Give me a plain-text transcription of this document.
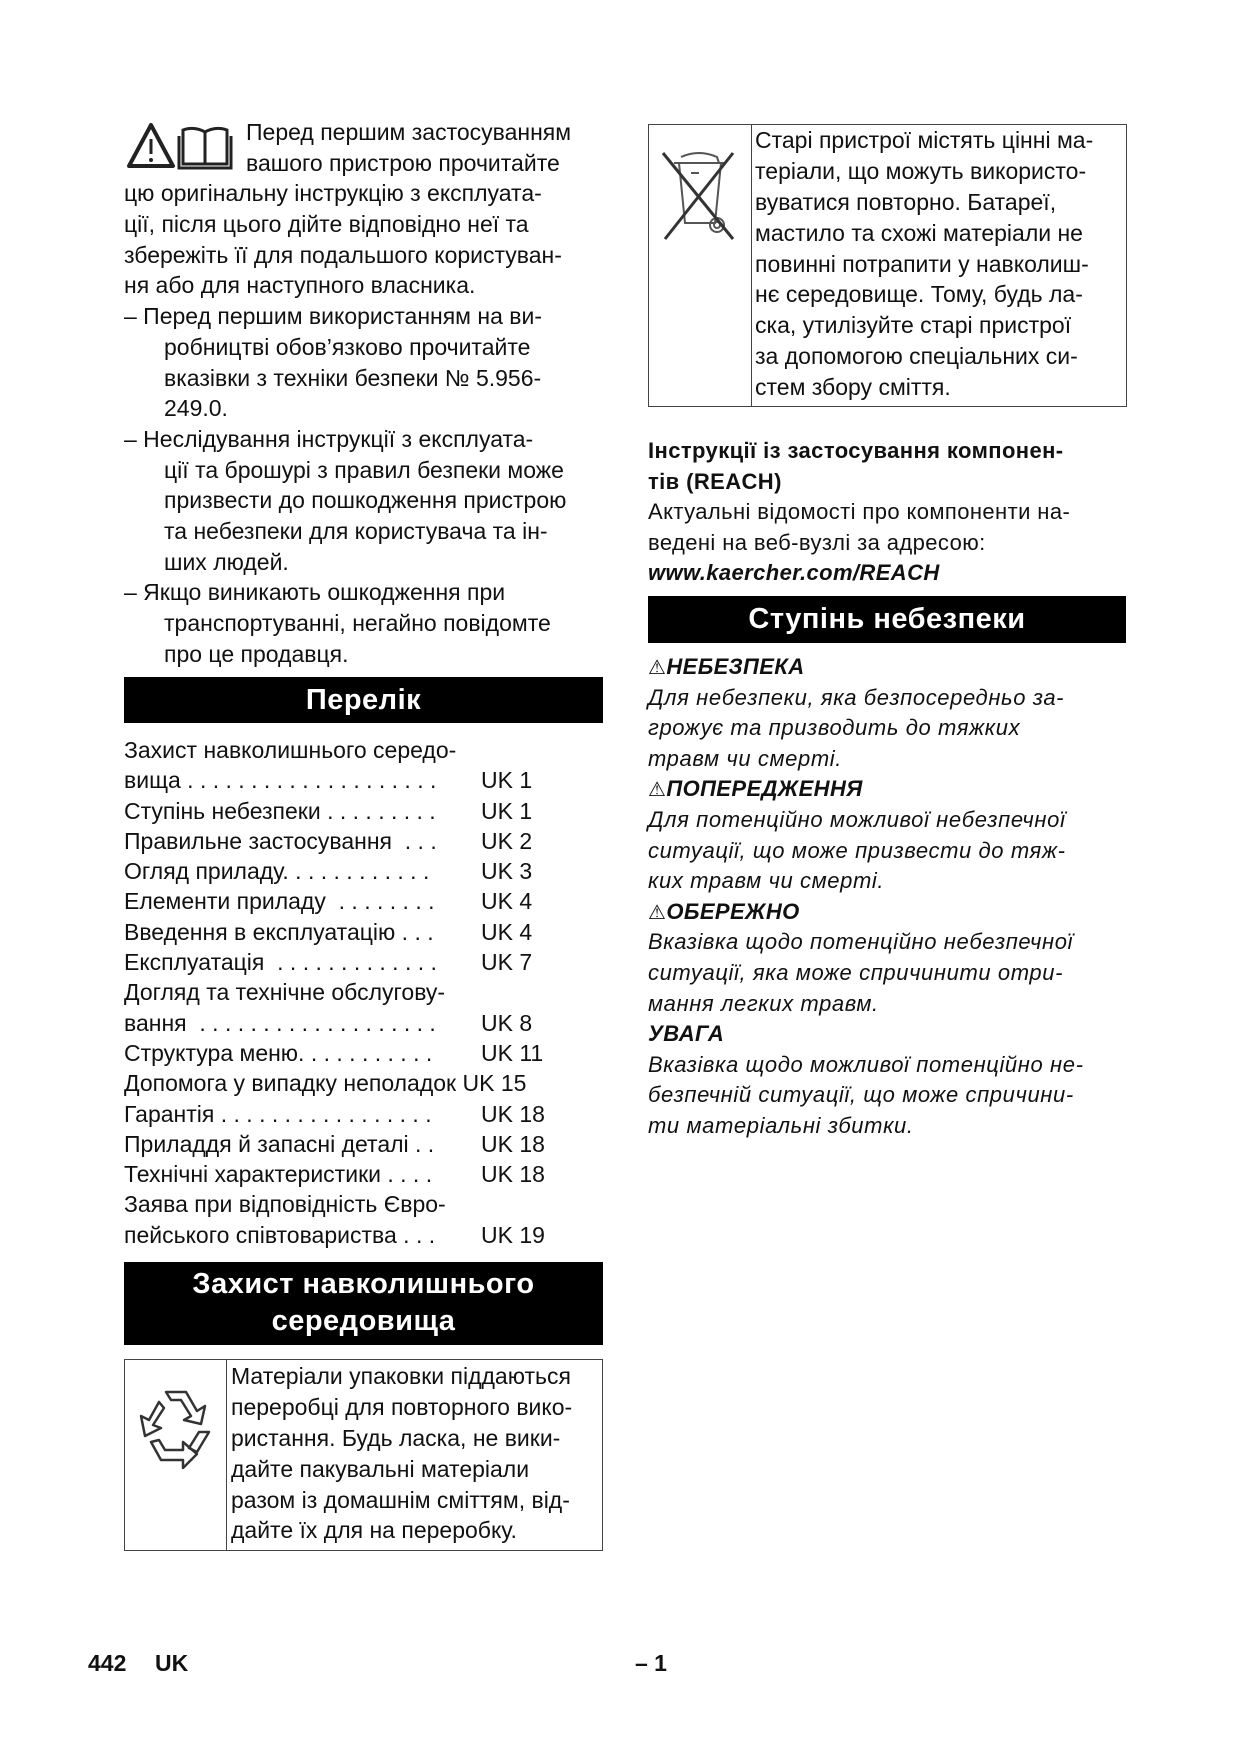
Перед першим застосуванням
вашого пристрою прочитайте
цю оригінальну інструкцію з експлуата-
ції, після цього дійте відповідно неї та
збережіть її для подальшого користуван-
ня або для наступного власника.
– Перед першим використанням на ви-
робництві обов’язково прочитайте
вказівки з техніки безпеки № 5.956-
249.0.
– Неслідування інструкції з експлуата-
ції та брошурі з правил безпеки може
призвести до пошкодження пристрою
та небезпеки для користувача та ін-
ших людей.
– Якщо виникають ошкодження при
транспортуванні, негайно повідомте
про це продавця.
Перелік
Захист навколишнього середо-
вища . . . . . . . . . . . . . . . . . . . . UK 1
Ступінь небезпеки . . . . . . . . . UK 1
Правильне застосування  . . . UK 2
Огляд приладу. . . . . . . . . . . . UK 3
Елементи приладу  . . . . . . . . UK 4
Введення в експлуатацію . . . UK 4
Експлуатація  . . . . . . . . . . . . . UK 7
Догляд та технічне обслугову-
вання  . . . . . . . . . . . . . . . . . . . UK 8
Структура меню. . . . . . . . . . . UK 11
Допомога у випадку неполадок UK 15
Гарантія . . . . . . . . . . . . . . . . . UK 18
Приладдя й запасні деталі . . UK 18
Технічні характеристики . . . . UK 18
Заява при відповідність Євро-
пейського співтовариства . . . UK 19
Захист навколишнього
середовища
Матеріали упаковки піддаються
переробці для повторного вико-
ристання. Будь ласка, не вики-
дайте пакувальні матеріали
разом із домашнім сміттям, від-
дайте їх для на переробку.
Старі пристрої містять цінні ма-
теріали, що можуть використо-
вуватися повторно. Батареї,
мастило та схожі матеріали не
повинні потрапити у навколиш-
нє середовище. Тому, будь ла-
ска, утилізуйте старі пристрої
за допомогою спеціальних си-
стем збору сміття.
Інструкції із застосування компонен-
тів (REACH)
Актуальні відомості про компоненти на-
ведені на веб-вузлі за адресою:
www.kaercher.com/REACH
Ступінь небезпеки
⚠НЕБЕЗПЕКА
Для небезпеки, яка безпосередньо за-
грожує та призводить до тяжких
травм чи смерті.
⚠ПОПЕРЕДЖЕННЯ
Для потенційно можливої небезпечної
ситуації, що може призвести до тяж-
ких травм чи смерті.
⚠ОБЕРЕЖНО
Вказівка щодо потенційно небезпечної
ситуації, яка може спричинити отри-
мання легких травм.
УВАГА
Вказівка щодо можливої потенційно не-
безпечній ситуації, що може спричини-
ти матеріальні збитки.
442 UK	– 1
